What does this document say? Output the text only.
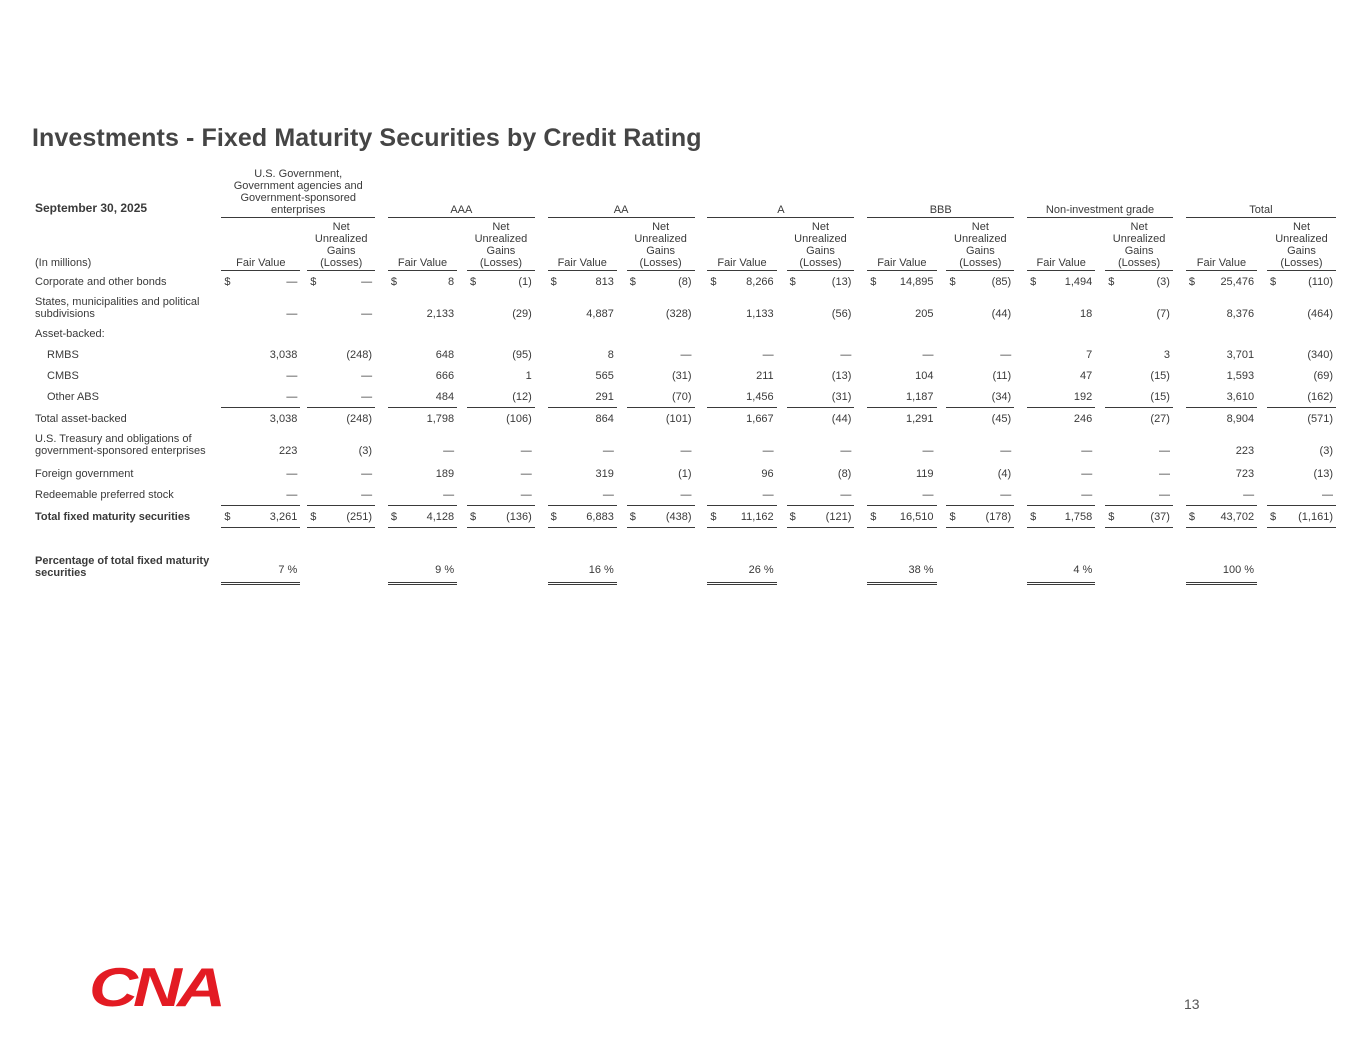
Investments - Fixed Maturity Securities by Credit Rating
September 30, 2025	U.S. Government, Government agencies and Government-sponsored enterprises				AAA				AA				A				BBB				Non-investment grade				Total		
(In millions)	Fair Value		Net Unrealized Gains (Losses)		Fair Value		Net Unrealized Gains (Losses)		Fair Value		Net Unrealized Gains (Losses)		Fair Value		Net Unrealized Gains (Losses)		Fair Value		Net Unrealized Gains (Losses)		Fair Value		Net Unrealized Gains (Losses)		Fair Value		Net Unrealized Gains (Losses)
Corporate and other bonds	$ —		$ —		$ 8		$ (1)		$ 813		$ (8)		$ 8,266		$ (13)		$ 14,895		$ (85)		$ 1,494		$ (3)		$ 25,476		$ (110)
States, municipalities and political subdivisions	—		—		2,133		(29)		4,887		(328)		1,133		(56)		205		(44)		18		(7)		8,376		(464)
Asset-backed:																											
RMBS	3,038		(248)		648		(95)		8		—		—		—		—		—		7		3		3,701		(340)
CMBS	—		—		666		1		565		(31)		211		(13)		104		(11)		47		(15)		1,593		(69)
Other ABS	—		—		484		(12)		291		(70)		1,456		(31)		1,187		(34)		192		(15)		3,610		(162)
Total asset-backed	3,038		(248)		1,798		(106)		864		(101)		1,667		(44)		1,291		(45)		246		(27)		8,904		(571)
U.S. Treasury and obligations of government-sponsored enterprises	223		(3)		—		—		—		—		—		—		—		—		—		—		223		(3)
Foreign government	—		—		189		—		319		(1)		96		(8)		119		(4)		—		—		723		(13)
Redeemable preferred stock	—		—		—		—		—		—		—		—		—		—		—		—		—		—
Total fixed maturity securities	$ 3,261		$ (251)		$ 4,128		$ (136)		$ 6,883		$ (438)		$ 11,162		$ (121)		$ 16,510		$ (178)		$ 1,758		$ (37)		$ 43,702		$ (1,161)
Percentage of total fixed maturity securities	7 %				9 %				16 %				26 %				38 %				4 %				100 %		
CNA	13
